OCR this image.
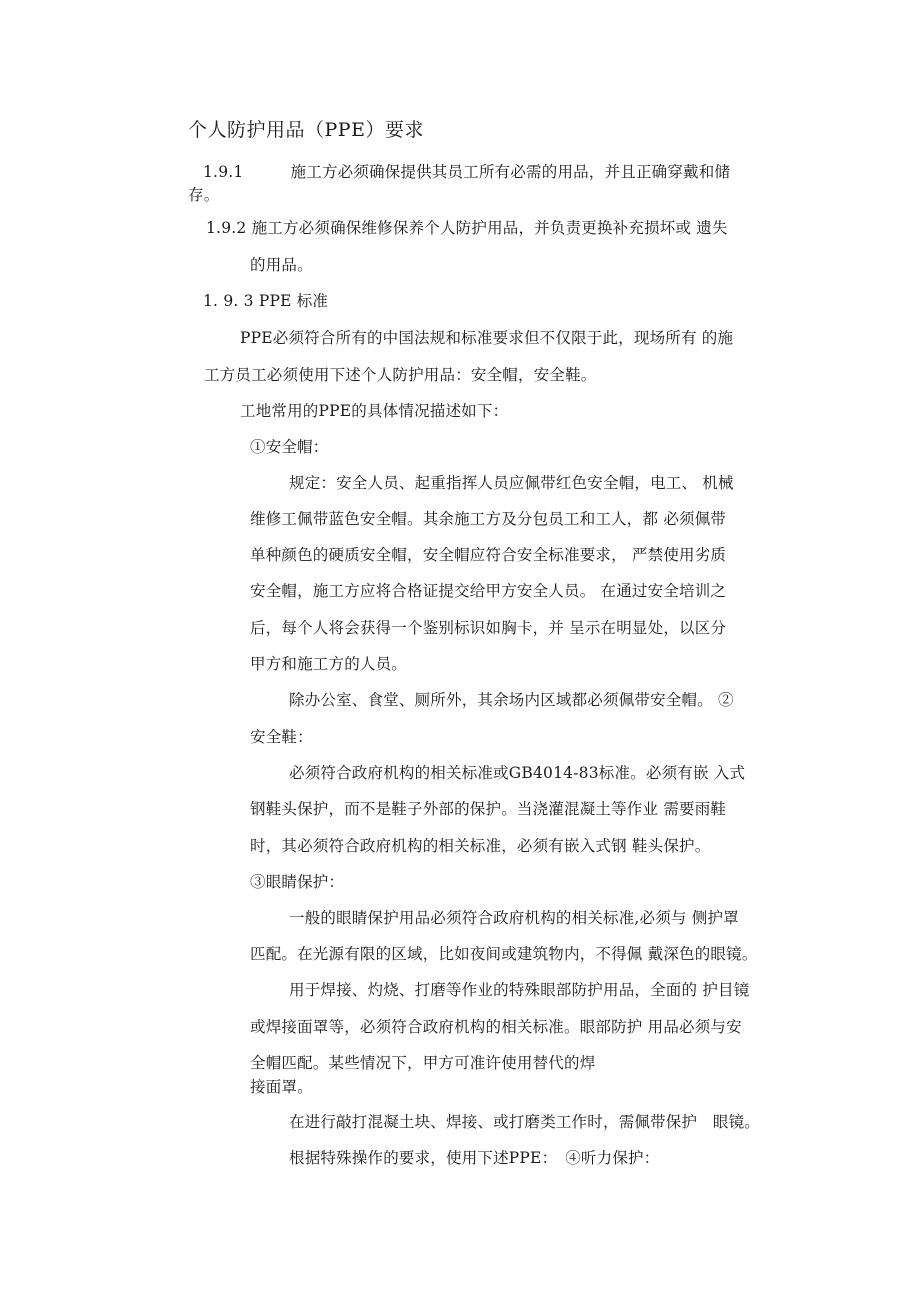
个人防护用品（PPE）要求
1.9.1　　　施工方必须确保提供其员工所有必需的用品，并且正确穿戴和储
存。
1.9.2 施工方必须确保维修保养个人防护用品，并负责更换补充损坏或 遗失
的用品。
1. 9. 3 PPE 标准
PPE必须符合所有的中国法规和标准要求但不仅限于此，现场所有 的施
工方员工必须使用下述个人防护用品：安全帽，安全鞋。
工地常用的PPE的具体情况描述如下：
①安全帽：
规定：安全人员、起重指挥人员应佩带红色安全帽，电工、 机械
维修工佩带蓝色安全帽。其余施工方及分包员工和工人，都 必须佩带
单种颜色的硬质安全帽，安全帽应符合安全标准要求， 严禁使用劣质
安全帽，施工方应将合格证提交给甲方安全人员。 在通过安全培训之
后，每个人将会获得一个鉴别标识如胸卡，并 呈示在明显处，以区分
甲方和施工方的人员。
除办公室、食堂、厕所外，其余场内区域都必须佩带安全帽。 ②
安全鞋：
必须符合政府机构的相关标准或GB4014-83标准。必须有嵌 入式
钢鞋头保护，而不是鞋子外部的保护。当浇灌混凝土等作业 需要雨鞋
时，其必须符合政府机构的相关标准，必须有嵌入式钢 鞋头保护。
③眼睛保护：
一般的眼睛保护用品必须符合政府机构的相关标准,必须与 侧护罩
匹配。在光源有限的区域，比如夜间或建筑物内，不得佩 戴深色的眼镜。
用于焊接、灼烧、打磨等作业的特殊眼部防护用品，全面的 护目镜
或焊接面罩等，必须符合政府机构的相关标准。眼部防护 用品必须与安
全帽匹配。某些情况下，甲方可准许使用替代的焊
接面罩。
在进行敲打混凝土块、焊接、或打磨类工作时，需佩带保护　眼镜。
根据特殊操作的要求，使用下述PPE：　④听力保护：
